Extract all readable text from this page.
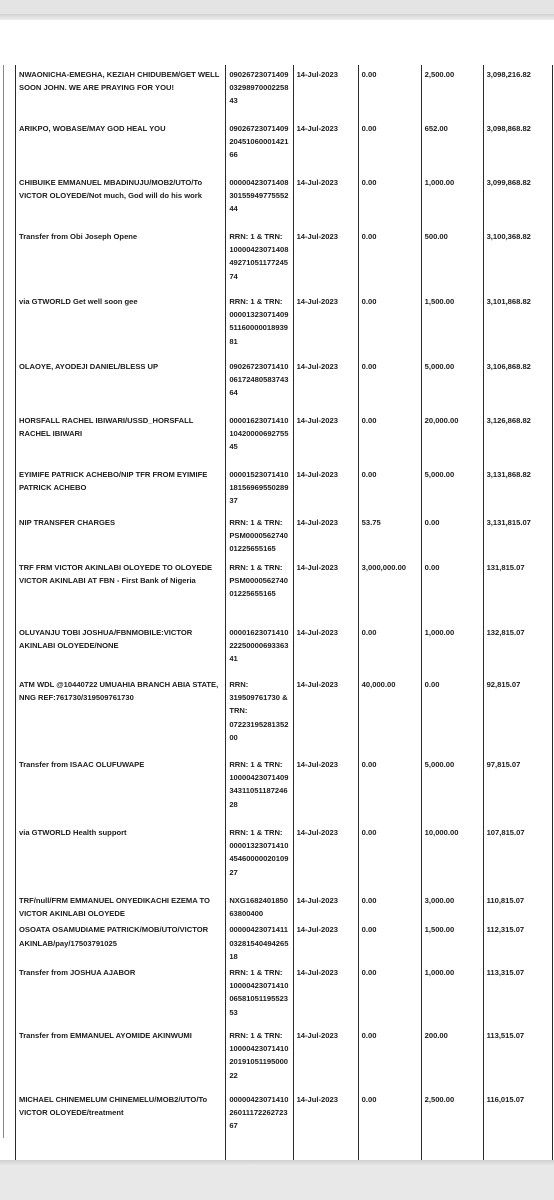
NWAONICHA-EMEGHA, KEZIAH CHIDUBEM/GET WELL SOON JOHN. WE ARE PRAYING FOR YOU!	09026723071409 03298970002258 43	14-Jul-2023	0.00	2,500.00	3,098,216.82
ARIKPO, WOBASE/MAY GOD HEAL YOU	09026723071409 20451060001421 66	14-Jul-2023	0.00	652.00	3,098,868.82
CHIBUIKE EMMANUEL MBADINUJU/MOB2/UTO/To VICTOR OLOYEDE/Not much, God will do his work	00000423071408 30155949775552 44	14-Jul-2023	0.00	1,000.00	3,099,868.82
Transfer from Obi Joseph Opene	RRN: 1 & TRN: 10000423071408 49271051177245 74	14-Jul-2023	0.00	500.00	3,100,368.82
via GTWORLD Get well soon gee	RRN: 1 & TRN: 00001323071409 51160000018939 81	14-Jul-2023	0.00	1,500.00	3,101,868.82
OLAOYE, AYODEJI DANIEL/BLESS UP	09026723071410 06172480583743 64	14-Jul-2023	0.00	5,000.00	3,106,868.82
HORSFALL RACHEL IBIWARI/USSD_HORSFALL RACHEL IBIWARI	00001623071410 10420000692755 45	14-Jul-2023	0.00	20,000.00	3,126,868.82
EYIMIFE PATRICK ACHEBO/NIP TFR FROM EYIMIFE PATRICK ACHEBO	00001523071410 18156969550289 37	14-Jul-2023	0.00	5,000.00	3,131,868.82
NIP TRANSFER CHARGES	RRN: 1 & TRN: PSM0000562740 01225655165	14-Jul-2023	53.75	0.00	3,131,815.07
TRF FRM VICTOR AKINLABI OLOYEDE TO OLOYEDE VICTOR AKINLABI AT FBN - First Bank of Nigeria	RRN: 1 & TRN: PSM0000562740 01225655165	14-Jul-2023	3,000,000.00	0.00	131,815.07
OLUYANJU TOBI JOSHUA/FBNMOBILE:VICTOR AKINLABI OLOYEDE/NONE	00001623071410 22250000693363 41	14-Jul-2023	0.00	1,000.00	132,815.07
ATM WDL @10440722 UMUAHIA BRANCH ABIA STATE, NNG REF:761730/319509761730	RRN: 319509761730 & TRN: 07223195281352 00	14-Jul-2023	40,000.00	0.00	92,815.07
Transfer from ISAAC OLUFUWAPE	RRN: 1 & TRN: 10000423071409 34311051187246 28	14-Jul-2023	0.00	5,000.00	97,815.07
via GTWORLD Health support	RRN: 1 & TRN: 00001323071410 45460000020109 27	14-Jul-2023	0.00	10,000.00	107,815.07
TRF/null/FRM EMMANUEL ONYEDIKACHI EZEMA TO VICTOR AKINLABI OLOYEDE	NXG1682401850 63800400	14-Jul-2023	0.00	3,000.00	110,815.07
OSOATA OSAMUDIAME PATRICK/MOB/UTO/VICTOR AKINLAB/pay/17503791025	00000423071411 03281540494265 18	14-Jul-2023	0.00	1,500.00	112,315.07
Transfer from JOSHUA AJABOR	RRN: 1 & TRN: 10000423071410 06581051195523 53	14-Jul-2023	0.00	1,000.00	113,315.07
Transfer from EMMANUEL AYOMIDE AKINWUMI	RRN: 1 & TRN: 10000423071410 20191051195000 22	14-Jul-2023	0.00	200.00	113,515.07
MICHAEL CHINEMELUM CHINEMELU/MOB2/UTO/To VICTOR OLOYEDE/treatment	00000423071410 26011172262723 67	14-Jul-2023	0.00	2,500.00	116,015.07
